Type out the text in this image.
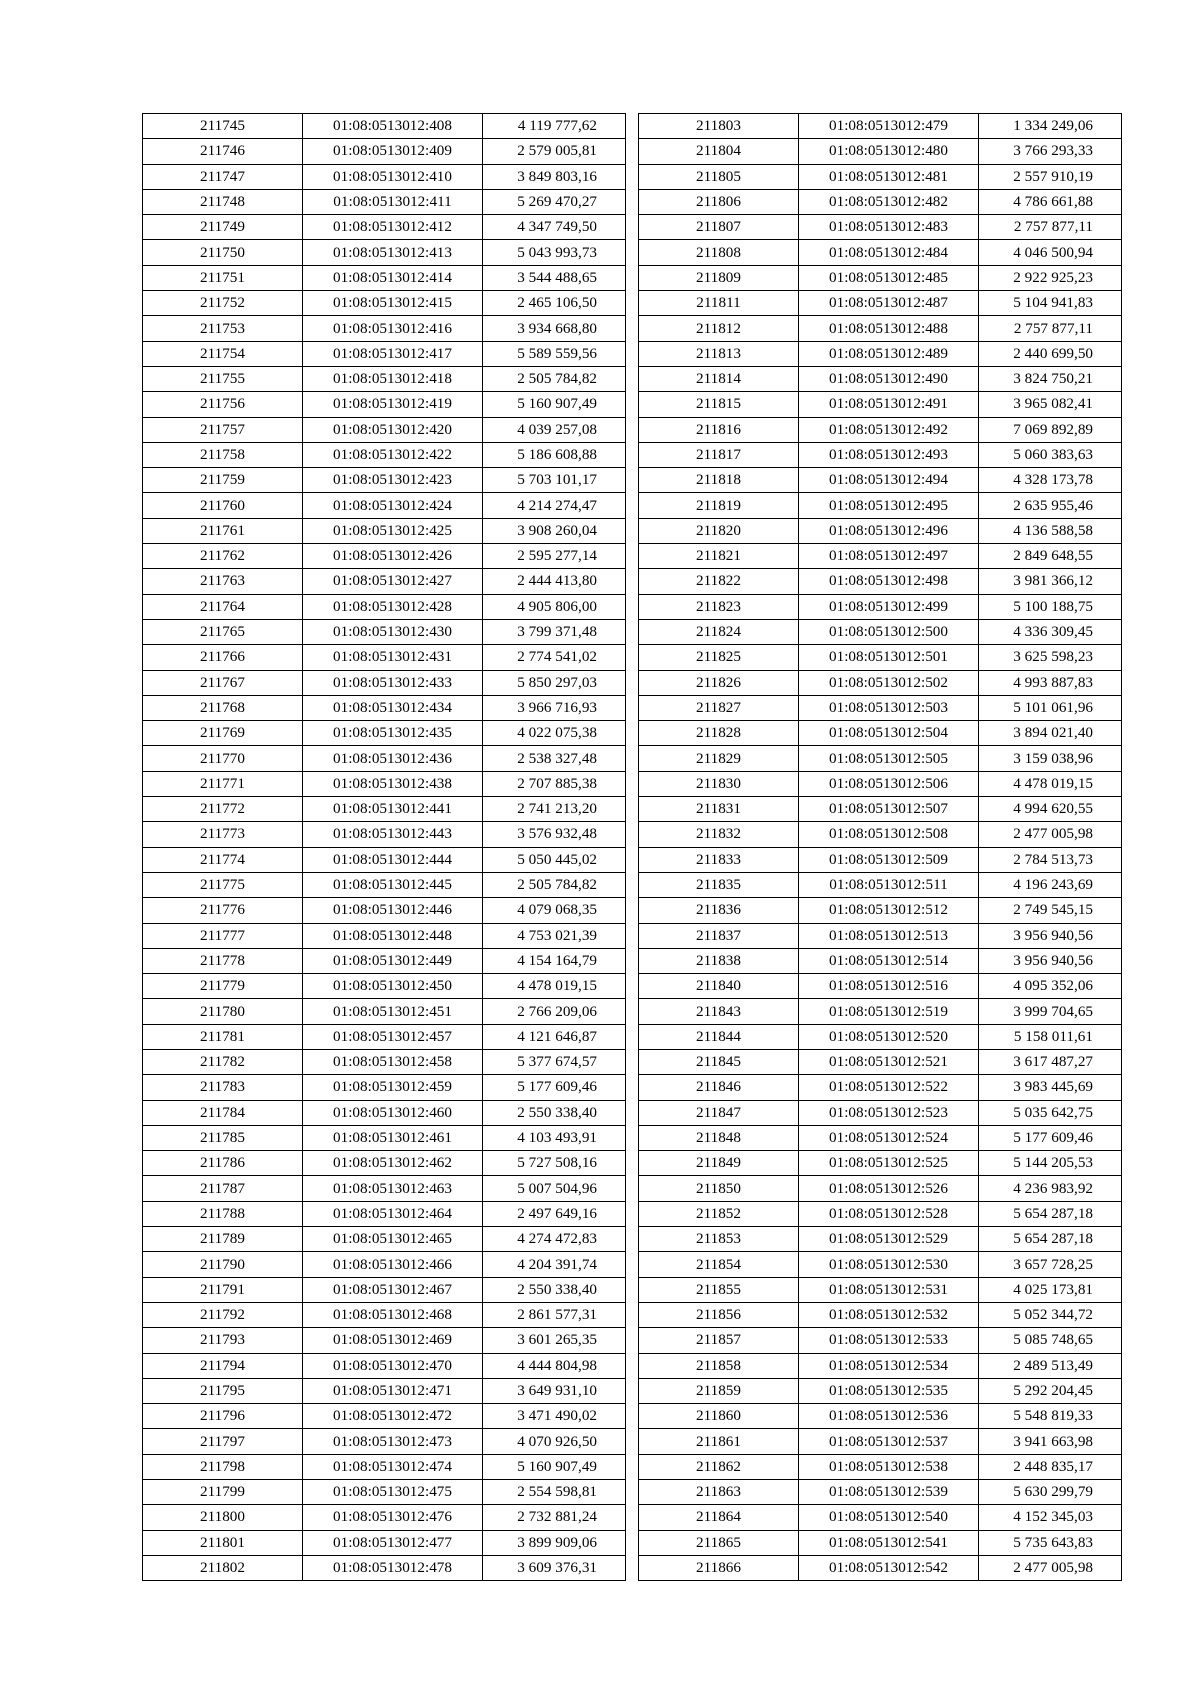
211745	01:08:0513012:408	4 119 777,62
211746	01:08:0513012:409	2 579 005,81
211747	01:08:0513012:410	3 849 803,16
211748	01:08:0513012:411	5 269 470,27
211749	01:08:0513012:412	4 347 749,50
211750	01:08:0513012:413	5 043 993,73
211751	01:08:0513012:414	3 544 488,65
211752	01:08:0513012:415	2 465 106,50
211753	01:08:0513012:416	3 934 668,80
211754	01:08:0513012:417	5 589 559,56
211755	01:08:0513012:418	2 505 784,82
211756	01:08:0513012:419	5 160 907,49
211757	01:08:0513012:420	4 039 257,08
211758	01:08:0513012:422	5 186 608,88
211759	01:08:0513012:423	5 703 101,17
211760	01:08:0513012:424	4 214 274,47
211761	01:08:0513012:425	3 908 260,04
211762	01:08:0513012:426	2 595 277,14
211763	01:08:0513012:427	2 444 413,80
211764	01:08:0513012:428	4 905 806,00
211765	01:08:0513012:430	3 799 371,48
211766	01:08:0513012:431	2 774 541,02
211767	01:08:0513012:433	5 850 297,03
211768	01:08:0513012:434	3 966 716,93
211769	01:08:0513012:435	4 022 075,38
211770	01:08:0513012:436	2 538 327,48
211771	01:08:0513012:438	2 707 885,38
211772	01:08:0513012:441	2 741 213,20
211773	01:08:0513012:443	3 576 932,48
211774	01:08:0513012:444	5 050 445,02
211775	01:08:0513012:445	2 505 784,82
211776	01:08:0513012:446	4 079 068,35
211777	01:08:0513012:448	4 753 021,39
211778	01:08:0513012:449	4 154 164,79
211779	01:08:0513012:450	4 478 019,15
211780	01:08:0513012:451	2 766 209,06
211781	01:08:0513012:457	4 121 646,87
211782	01:08:0513012:458	5 377 674,57
211783	01:08:0513012:459	5 177 609,46
211784	01:08:0513012:460	2 550 338,40
211785	01:08:0513012:461	4 103 493,91
211786	01:08:0513012:462	5 727 508,16
211787	01:08:0513012:463	5 007 504,96
211788	01:08:0513012:464	2 497 649,16
211789	01:08:0513012:465	4 274 472,83
211790	01:08:0513012:466	4 204 391,74
211791	01:08:0513012:467	2 550 338,40
211792	01:08:0513012:468	2 861 577,31
211793	01:08:0513012:469	3 601 265,35
211794	01:08:0513012:470	4 444 804,98
211795	01:08:0513012:471	3 649 931,10
211796	01:08:0513012:472	3 471 490,02
211797	01:08:0513012:473	4 070 926,50
211798	01:08:0513012:474	5 160 907,49
211799	01:08:0513012:475	2 554 598,81
211800	01:08:0513012:476	2 732 881,24
211801	01:08:0513012:477	3 899 909,06
211802	01:08:0513012:478	3 609 376,31
211803	01:08:0513012:479	1 334 249,06
211804	01:08:0513012:480	3 766 293,33
211805	01:08:0513012:481	2 557 910,19
211806	01:08:0513012:482	4 786 661,88
211807	01:08:0513012:483	2 757 877,11
211808	01:08:0513012:484	4 046 500,94
211809	01:08:0513012:485	2 922 925,23
211811	01:08:0513012:487	5 104 941,83
211812	01:08:0513012:488	2 757 877,11
211813	01:08:0513012:489	2 440 699,50
211814	01:08:0513012:490	3 824 750,21
211815	01:08:0513012:491	3 965 082,41
211816	01:08:0513012:492	7 069 892,89
211817	01:08:0513012:493	5 060 383,63
211818	01:08:0513012:494	4 328 173,78
211819	01:08:0513012:495	2 635 955,46
211820	01:08:0513012:496	4 136 588,58
211821	01:08:0513012:497	2 849 648,55
211822	01:08:0513012:498	3 981 366,12
211823	01:08:0513012:499	5 100 188,75
211824	01:08:0513012:500	4 336 309,45
211825	01:08:0513012:501	3 625 598,23
211826	01:08:0513012:502	4 993 887,83
211827	01:08:0513012:503	5 101 061,96
211828	01:08:0513012:504	3 894 021,40
211829	01:08:0513012:505	3 159 038,96
211830	01:08:0513012:506	4 478 019,15
211831	01:08:0513012:507	4 994 620,55
211832	01:08:0513012:508	2 477 005,98
211833	01:08:0513012:509	2 784 513,73
211835	01:08:0513012:511	4 196 243,69
211836	01:08:0513012:512	2 749 545,15
211837	01:08:0513012:513	3 956 940,56
211838	01:08:0513012:514	3 956 940,56
211840	01:08:0513012:516	4 095 352,06
211843	01:08:0513012:519	3 999 704,65
211844	01:08:0513012:520	5 158 011,61
211845	01:08:0513012:521	3 617 487,27
211846	01:08:0513012:522	3 983 445,69
211847	01:08:0513012:523	5 035 642,75
211848	01:08:0513012:524	5 177 609,46
211849	01:08:0513012:525	5 144 205,53
211850	01:08:0513012:526	4 236 983,92
211852	01:08:0513012:528	5 654 287,18
211853	01:08:0513012:529	5 654 287,18
211854	01:08:0513012:530	3 657 728,25
211855	01:08:0513012:531	4 025 173,81
211856	01:08:0513012:532	5 052 344,72
211857	01:08:0513012:533	5 085 748,65
211858	01:08:0513012:534	2 489 513,49
211859	01:08:0513012:535	5 292 204,45
211860	01:08:0513012:536	5 548 819,33
211861	01:08:0513012:537	3 941 663,98
211862	01:08:0513012:538	2 448 835,17
211863	01:08:0513012:539	5 630 299,79
211864	01:08:0513012:540	4 152 345,03
211865	01:08:0513012:541	5 735 643,83
211866	01:08:0513012:542	2 477 005,98
